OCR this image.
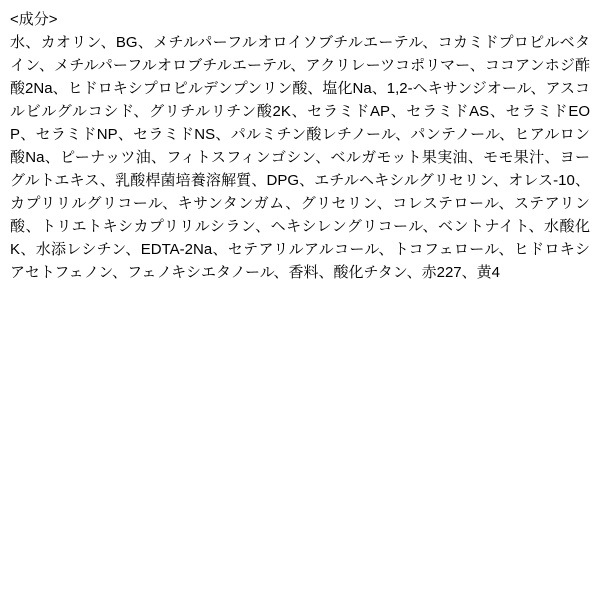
<成分>

水、カオリン、BG、メチルパーフルオロイソブチルエーテル、コカミドプロピルベタイン、メチルパーフルオロブチルエーテル、アクリレーツコポリマー、ココアンホジ酢酸2Na、ヒドロキシプロピルデンプンリン酸、塩化Na、1,2-ヘキサンジオール、アスコルビルグルコシド、グリチルリチン酸2K、セラミドAP、セラミドAS、セラミドEOP、セラミドNP、セラミドNS、パルミチン酸レチノール、パンテノール、ヒアルロン酸Na、ピーナッツ油、フィトスフィンゴシン、ベルガモット果実油、モモ果汁、ヨーグルトエキス、乳酸桿菌培養溶解質、DPG、エチルヘキシルグリセリン、オレス-10、カプリリルグリコール、キサンタンガム、グリセリン、コレステロール、ステアリン酸、トリエトキシカプリリルシラン、ヘキシレングリコール、ベントナイト、水酸化K、水添レシチン、EDTA-2Na、セテアリルアルコール、トコフェロール、ヒドロキシアセトフェノン、フェノキシエタノール、香料、酸化チタン、赤227、黄4
